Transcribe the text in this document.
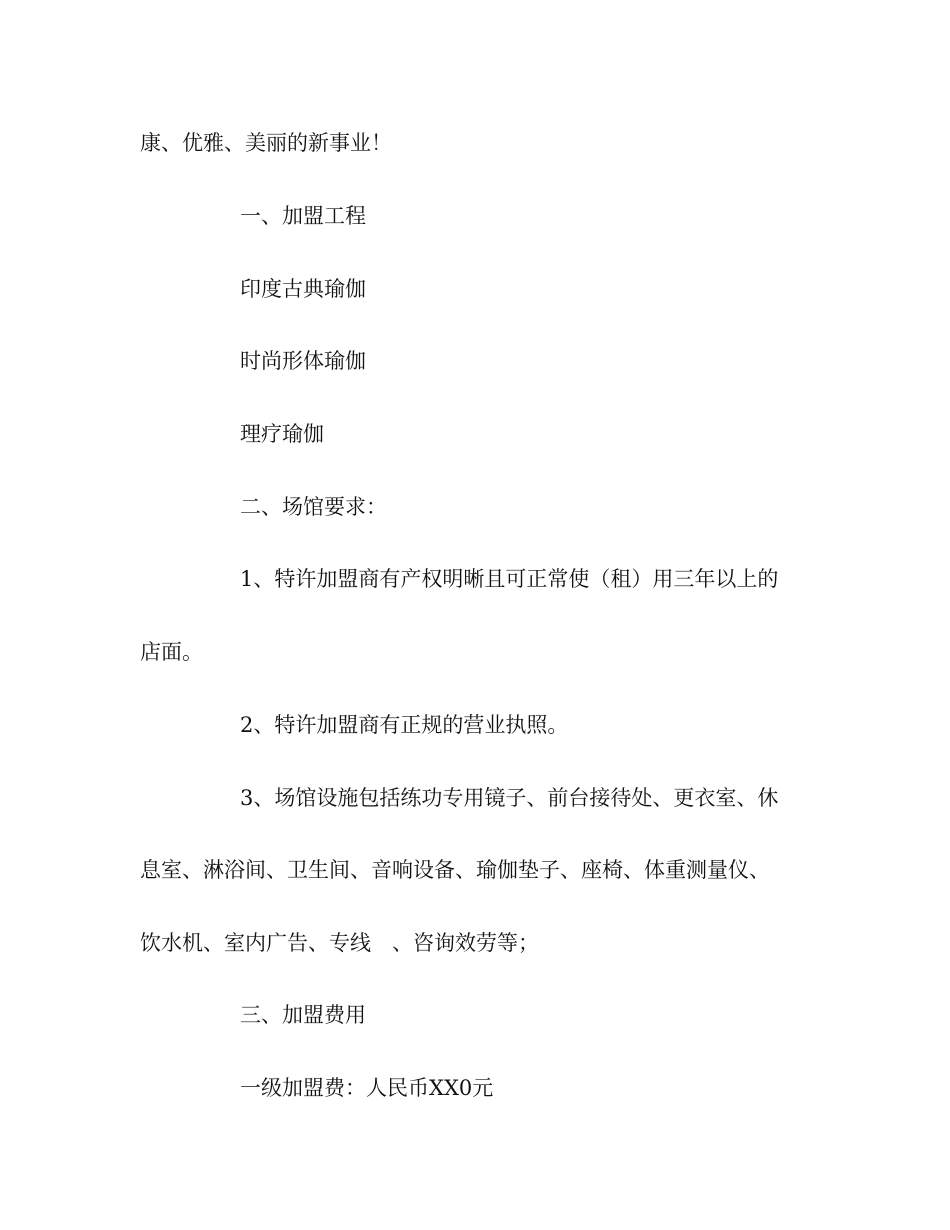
康、优雅、美丽的新事业！
一、加盟工程
印度古典瑜伽
时尚形体瑜伽
理疗瑜伽
二、场馆要求：
1、特许加盟商有产权明晰且可正常使（租）用三年以上的
店面。
2、特许加盟商有正规的营业执照。
3、场馆设施包括练功专用镜子、前台接待处、更衣室、休
息室、淋浴间、卫生间、音响设备、瑜伽垫子、座椅、体重测量仪、
饮水机、室内广告、专线　、咨询效劳等；
三、加盟费用
一级加盟费：人民币XX0元
